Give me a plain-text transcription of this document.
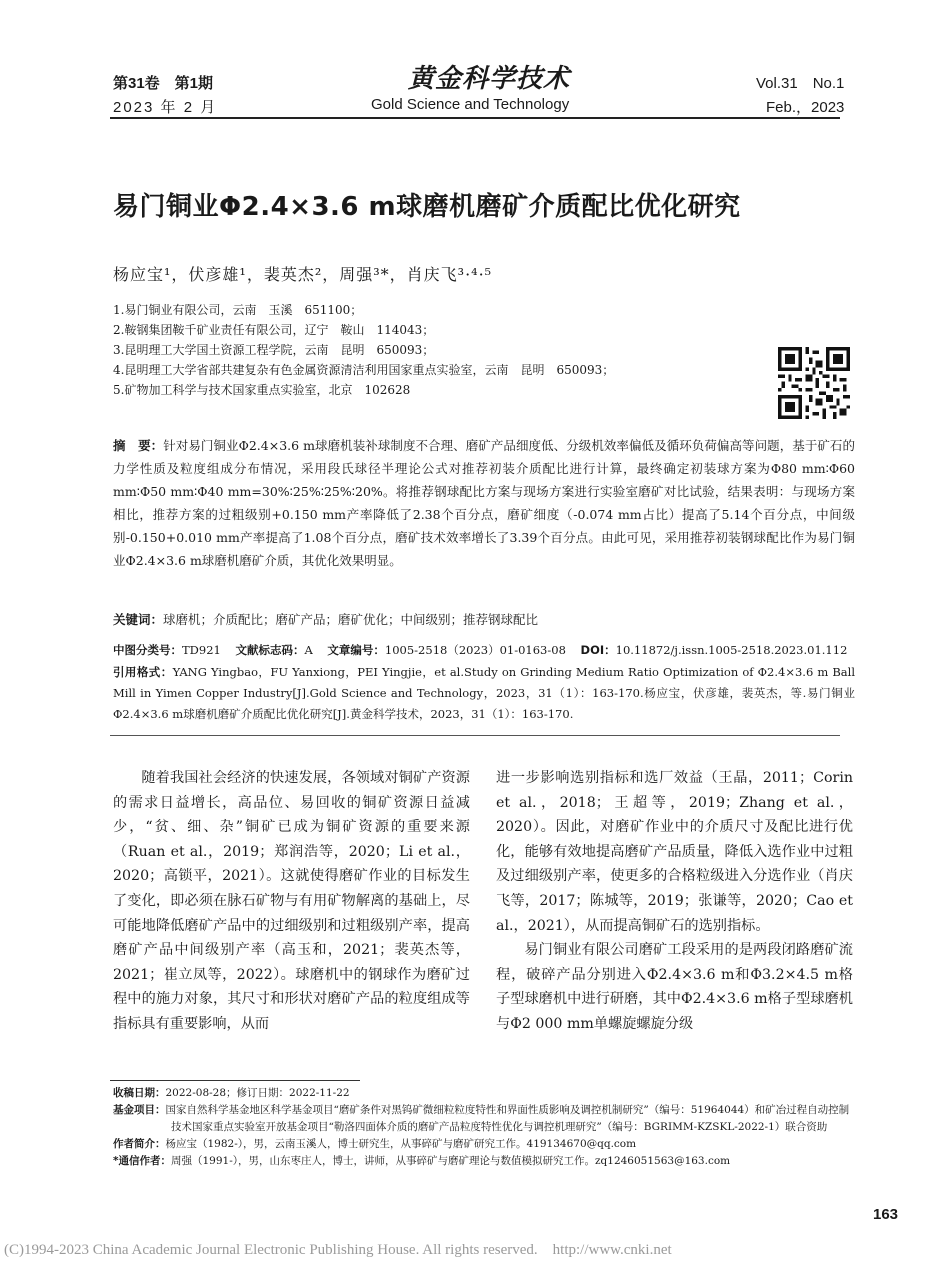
第31卷　第1期
2023 年 2 月
黄金科学技术
Gold Science and Technology
Vol.31　No.1
Feb.，2023
易门铜业Φ2.4×3.6 m球磨机磨矿介质配比优化研究
杨应宝¹，伏彦雄¹，裴英杰²，周强³*，肖庆飞³·⁴·⁵
1.易门铜业有限公司，云南　玉溪　651100；
2.鞍钢集团鞍千矿业责任有限公司，辽宁　鞍山　114043；
3.昆明理工大学国土资源工程学院，云南　昆明　650093；
4.昆明理工大学省部共建复杂有色金属资源清洁利用国家重点实验室，云南　昆明　650093；
5.矿物加工科学与技术国家重点实验室，北京　102628
摘　要：针对易门铜业Φ2.4×3.6 m球磨机装补球制度不合理、磨矿产品细度低、分级机效率偏低及循环负荷偏高等问题，基于矿石的力学性质及粒度组成分布情况，采用段氏球径半理论公式对推荐初装介质配比进行计算，最终确定初装球方案为Φ80 mm∶Φ60 mm∶Φ50 mm∶Φ40 mm=30%∶25%∶25%∶20%。将推荐钢球配比方案与现场方案进行实验室磨矿对比试验，结果表明：与现场方案相比，推荐方案的过粗级别+0.150 mm产率降低了2.38个百分点，磨矿细度（-0.074 mm占比）提高了5.14个百分点，中间级别-0.150+0.010 mm产率提高了1.08个百分点，磨矿技术效率增长了3.39个百分点。由此可见，采用推荐初装钢球配比作为易门铜业Φ2.4×3.6 m球磨机磨矿介质，其优化效果明显。
关键词：球磨机；介质配比；磨矿产品；磨矿优化；中间级别；推荐钢球配比
中图分类号：TD921 文献标志码：A 文章编号：1005-2518（2023）01-0163-08 DOI：10.11872/j.issn.1005-2518.2023.01.112
引用格式：YANG Yingbao，FU Yanxiong，PEI Yingjie，et al.Study on Grinding Medium Ratio Optimization of Φ2.4×3.6 m Ball Mill in Yimen Copper Industry[J].Gold Science and Technology，2023，31（1）：163-170.杨应宝，伏彦雄，裴英杰，等.易门铜业Φ2.4×3.6 m球磨机磨矿介质配比优化研究[J].黄金科学技术，2023，31（1）：163-170.

随着我国社会经济的快速发展，各领域对铜矿产资源的需求日益增长，高品位、易回收的铜矿资源日益减少，“贫、细、杂”铜矿已成为铜矿资源的重要来源（Ruan et al.，2019；郑润浩等，2020；Li et al.，2020；高锁平，2021）。这就使得磨矿作业的目标发生了变化，即必须在脉石矿物与有用矿物解离的基础上，尽可能地降低磨矿产品中的过细级别和过粗级别产率，提高磨矿产品中间级别产率（高玉和，2021；裴英杰等，2021；崔立凤等，2022）。球磨机中的钢球作为磨矿过程中的施力对象，其尺寸和形状对磨矿产品的粒度组成等指标具有重要影响，从而

进一步影响选别指标和选厂效益（王晶，2011；Corin et al.，2018；王超等，2019；Zhang et al.，2020）。因此，对磨矿作业中的介质尺寸及配比进行优化，能够有效地提高磨矿产品质量，降低入选作业中过粗及过细级别产率，使更多的合格粒级进入分选作业（肖庆飞等，2017；陈城等，2019；张谦等，2020；Cao et al.，2021），从而提高铜矿石的选别指标。

易门铜业有限公司磨矿工段采用的是两段闭路磨矿流程，破碎产品分别进入Φ2.4×3.6 m和Φ3.2×4.5 m格子型球磨机中进行研磨，其中Φ2.4×3.6 m格子型球磨机与Φ2 000 mm单螺旋螺旋分级

收稿日期：2022-08-28；修订日期：2022-11-22
基金项目：国家自然科学基金地区科学基金项目“磨矿条件对黑钨矿微细粒粒度特性和界面性质影响及调控机制研究”（编号：51964044）和矿冶过程自动控制技术国家重点实验室开放基金项目“勒洛四面体介质的磨矿产品粒度特性优化与调控机理研究”（编号：BGRIMM-KZSKL-2022-1）联合资助
作者简介：杨应宝（1982-），男，云南玉溪人，博士研究生，从事碎矿与磨矿研究工作。419134670@qq.com
*通信作者：周强（1991-），男，山东枣庄人，博士，讲师，从事碎矿与磨矿理论与数值模拟研究工作。zq1246051563@163.com
163
(C)1994-2023 China Academic Journal Electronic Publishing House. All rights reserved.　http://www.cnki.net
